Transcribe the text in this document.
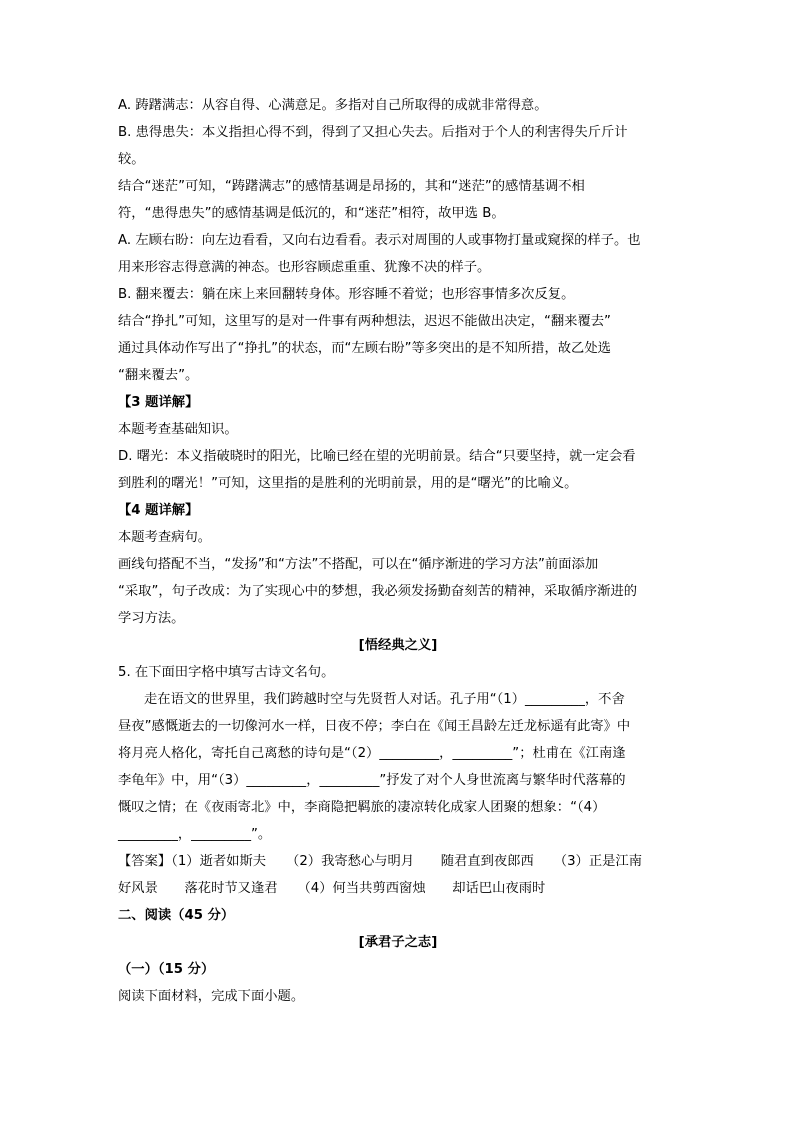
A. 踌躇满志：从容自得、心满意足。多指对自己所取得的成就非常得意。
B. 患得患失：本义指担心得不到，得到了又担心失去。后指对于个人的利害得失斤斤计
较。
结合“迷茫”可知，“踌躇满志”的感情基调是昂扬的，其和“迷茫”的感情基调不相
符，“患得患失”的感情基调是低沉的，和“迷茫”相符，故甲选 B。
A. 左顾右盼：向左边看看，又向右边看看。表示对周围的人或事物打量或窥探的样子。也
用来形容志得意满的神态。也形容顾虑重重、犹豫不决的样子。
B. 翻来覆去：躺在床上来回翻转身体。形容睡不着觉；也形容事情多次反复。
结合“挣扎”可知，这里写的是对一件事有两种想法，迟迟不能做出决定，“翻来覆去”
通过具体动作写出了“挣扎”的状态，而“左顾右盼”等多突出的是不知所措，故乙处选
“翻来覆去”。
【3 题详解】
本题考查基础知识。
D. 曙光：本义指破晓时的阳光，比喻已经在望的光明前景。结合“只要坚持，就一定会看
到胜利的曙光！”可知，这里指的是胜利的光明前景，用的是“曙光”的比喻义。
【4 题详解】
本题考查病句。
画线句搭配不当，“发扬”和“方法”不搭配，可以在“循序渐进的学习方法”前面添加
“采取”，句子改成：为了实现心中的梦想，我必须发扬勤奋刻苦的精神，采取循序渐进的
学习方法。
[悟经典之义]
5. 在下面田字格中填写古诗文名句。
走在语文的世界里，我们跨越时空与先贤哲人对话。孔子用“（1）_________，不舍
昼夜”感慨逝去的一切像河水一样，日夜不停；李白在《闻王昌龄左迁龙标遥有此寄》中
将月亮人格化，寄托自己离愁的诗句是“（2）_________，_________”；杜甫在《江南逢
李龟年》中，用“（3）_________，_________”抒发了对个人身世流离与繁华时代落幕的
慨叹之情；在《夜雨寄北》中，李商隐把羁旅的凄凉转化成家人团聚的想象：“（4）
_________，_________”。
【答案】（1）逝者如斯夫　　（2）我寄愁心与明月　　随君直到夜郎西　　（3）正是江南
好风景　　落花时节又逢君　　（4）何当共剪西窗烛　　却话巴山夜雨时
二、阅读（45 分）
[承君子之志]
（一）（15 分）
阅读下面材料，完成下面小题。
